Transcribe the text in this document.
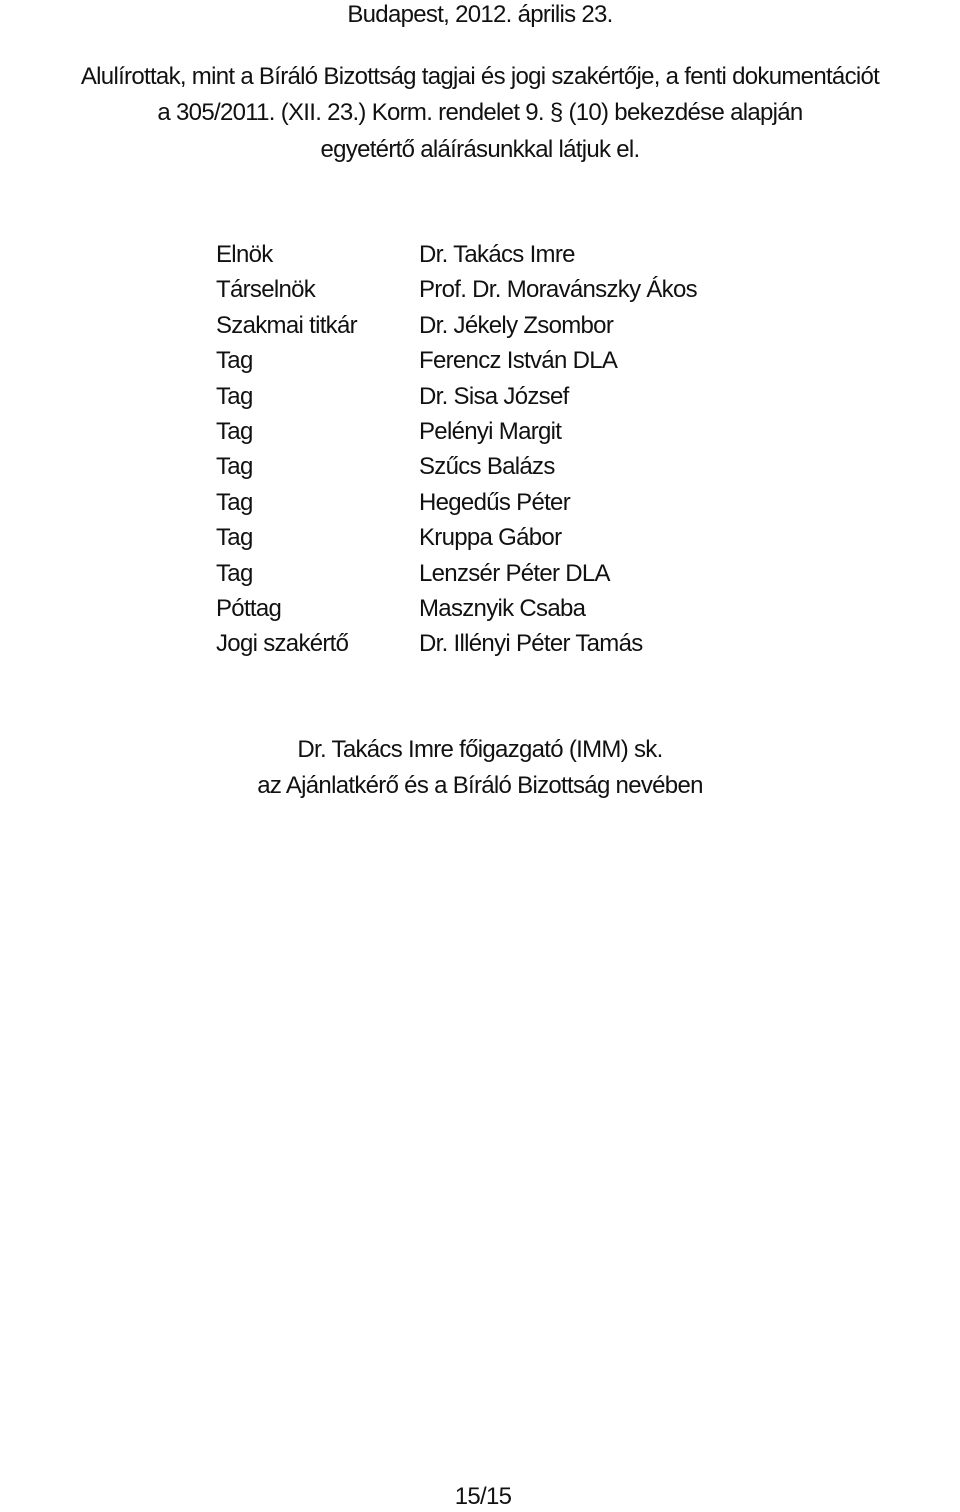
Budapest, 2012. április 23.
Alulírottak, mint a Bíráló Bizottság tagjai és jogi szakértője, a fenti dokumentációt
a 305/2011. (XII. 23.) Korm. rendelet 9. § (10) bekezdése alapján
egyetértő aláírásunkkal látjuk el.
Elnök	Dr. Takács Imre
Társelnök	Prof. Dr. Moravánszky Ákos
Szakmai titkár	Dr. Jékely Zsombor
Tag	Ferencz István DLA
Tag	Dr. Sisa József
Tag	Pelényi Margit
Tag	Szűcs Balázs
Tag	Hegedűs Péter
Tag	Kruppa Gábor
Tag	Lenzsér Péter DLA
Póttag	Masznyik Csaba
Jogi szakértő	Dr. Illényi Péter Tamás
Dr. Takács Imre főigazgató (IMM) sk.
az Ajánlatkérő és a Bíráló Bizottság nevében
15/15
